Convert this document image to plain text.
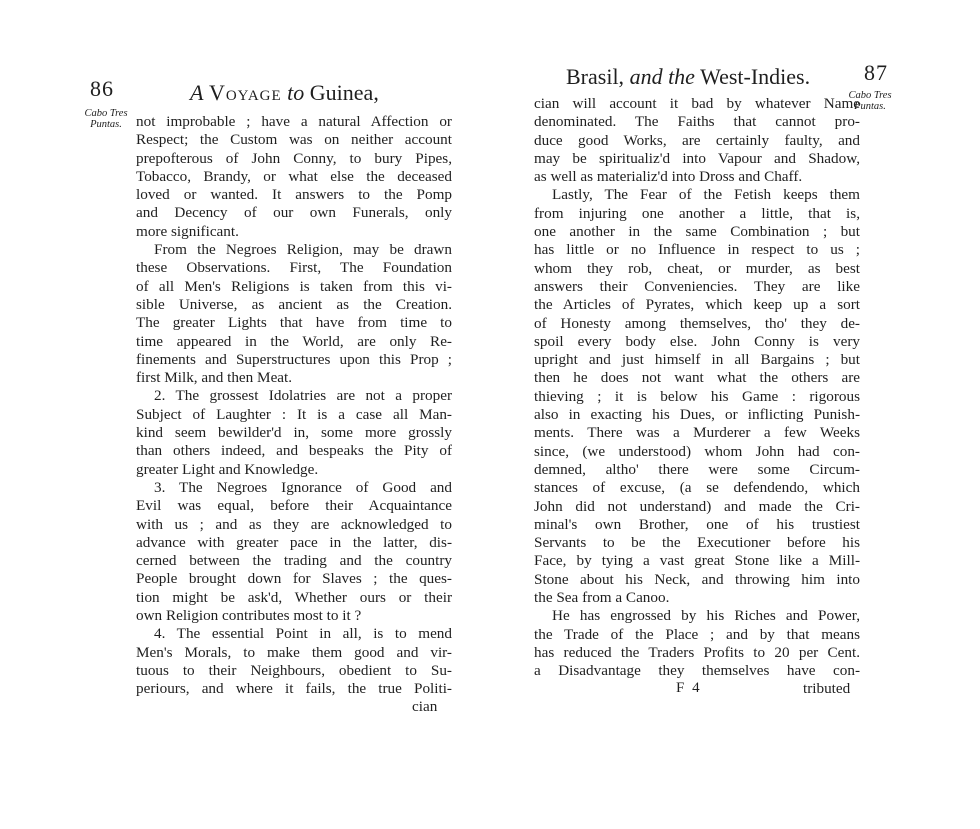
86	A Voyage to Guinea,
Cabo Tres Puntas. not improbable ; have a natural Affection or
Respect; the Custom was on neither account
prepofterous of John Conny, to bury Pipes,
Tobacco, Brandy, or what else the deceased
loved or wanted. It answers to the Pomp
and Decency of our own Funerals, only
more significant.
From the Negroes Religion, may be drawn
these Observations. First, The Foundation
of all Men's Religions is taken from this vi-
sible Universe, as ancient as the Creation.
The greater Lights that have from time to
time appeared in the World, are only Re-
finements and Superstructures upon this Prop ;
first Milk, and then Meat.
2. The grossest Idolatries are not a proper
Subject of Laughter : It is a case all Man-
kind seem bewilder'd in, some more grossly
than others indeed, and bespeaks the Pity of
greater Light and Knowledge.
3. The Negroes Ignorance of Good and
Evil was equal, before their Acquaintance
with us ; and as they are acknowledged to
advance with greater pace in the latter, dis-
cerned between the trading and the country
People brought down for Slaves ; the ques-
tion might be ask'd, Whether ours or their
own Religion contributes most to it ?
4. The essential Point in all, is to mend
Men's Morals, to make them good and vir-
tuous to their Neighbours, obedient to Su-
periours, and where it fails, the true Politi-
cian
Brasil, and the West-Indies. 87
Cabo Tres Puntas.
cian will account it bad by whatever Name
denominated. The Faiths that cannot pro-
duce good Works, are certainly faulty, and
may be spiritualiz'd into Vapour and Shadow,
as well as materializ'd into Dross and Chaff.
Lastly, The Fear of the Fetish keeps them
from injuring one another a little, that is,
one another in the same Combination ; but
has little or no Influence in respect to us ;
whom they rob, cheat, or murder, as best
answers their Conveniencies. They are like
the Articles of Pyrates, which keep up a sort
of Honesty among themselves, tho' they de-
spoil every body else. John Conny is very
upright and just himself in all Bargains ; but
then he does not want what the others are
thieving ; it is below his Game : rigorous
also in exacting his Dues, or inflicting Punish-
ments. There was a Murderer a few Weeks
since, (we understood) whom John had con-
demned, altho' there were some Circum-
stances of excuse, (a se defendendo, which
John did not understand) and made the Cri-
minal's own Brother, one of his trustiest
Servants to be the Executioner before his
Face, by tying a vast great Stone like a Mill-
Stone about his Neck, and throwing him into
the Sea from a Canoo.
He has engrossed by his Riches and Power,
the Trade of the Place ; and by that means
has reduced the Traders Profits to 20 per Cent.
a Disadvantage they themselves have con-
F 4	tributed
